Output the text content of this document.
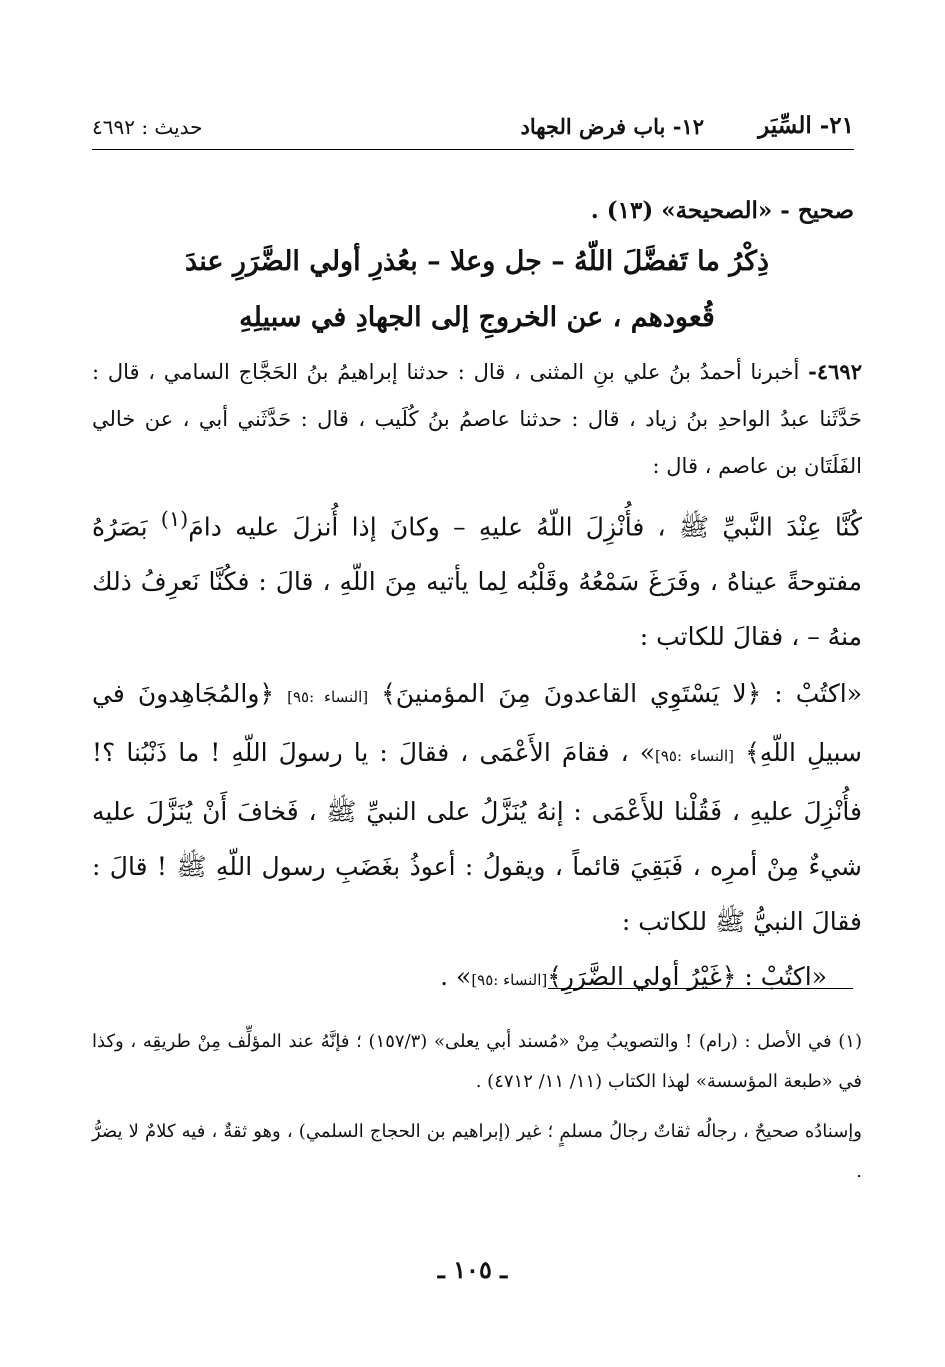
٢١- السِّيَر
١٢- باب فرض الجهاد
حديث : ٤٦٩٢

صحيح - «الصحيحة» (١٣) .

ذِكْرُ ما تَفضَّلَ اللّهُ – جل وعلا – بعُذرِ أولي الضَّرَرِ عندَ
قُعودهم ، عن الخروجِ إلى الجهادِ في سبيلِهِ

٤٦٩٢- أخبرنا أحمدُ بنُ علي بنِ المثنى ، قال : حدثنا إبراهيمُ بنُ الحَجَّاج السامي ، قال : حَدَّثَنا عبدُ الواحدِ بنُ زياد ، قال : حدثنا عاصمُ بنُ كُلَيب ، قال : حَدَّثَني أبي ، عن خالي الفَلَتَان بن عاصم ، قال :

كُنَّا عِنْدَ النَّبيِّ ﷺ ، فأُنْزِلَ اللّهُ عليهِ – وكانَ إذا أُنزلَ عليه دامَ$^{(١)}$ بَصَرُهُ مفتوحةً عيناهُ ، وفَرَغَ سَمْعُهُ وقَلْبُه لِما يأتيه مِنَ اللّهِ ، قالَ : فكُنَّا نَعرِفُ ذلك منهُ – ، فقالَ للكاتب :

«اكتُبْ : ﴿لا يَسْتَوِي القاعدونَ مِنَ المؤمنينَ﴾ [النساء :٩٥] ﴿والمُجَاهِدونَ في سبيلِ اللّهِ﴾ [النساء :٩٥]» ، فقامَ الأَعْمَى ، فقالَ : يا رسولَ اللّهِ ! ما ذَنْبُنا ؟! فأُنْزِلَ عليهِ ، فَقُلْنا للأَعْمَى : إنهُ يُنَزَّلُ على النبيِّ ﷺ ، فَخافَ أَنْ يُنَزَّلَ عليه شيءٌ مِنْ أمرِه ، فَبَقِيَ قائماً ، ويقولُ : أعوذُ بغَضَبِ رسول اللّهِ ﷺ ! قالَ : فقالَ النبيُّ ﷺ للكاتب :

«اكتُبْ : ﴿غَيْرُ أولي الضَّرَرِ﴾[النساء :٩٥]» .

(١) في الأصل : (رام) ! والتصويبُ مِنْ «مُسند أبي يعلى» (١٥٧/٣) ؛ فإنَّهُ عند المؤلِّف مِنْ طريقِه ، وكذا في «طبعة المؤسسة» لهذا الكتاب (١١/ ١١/ ٤٧١٢) .

وإسنادُه صحيحٌ ، رجالُه ثقاتٌ رجالُ مسلمٍ ؛ غير (إبراهيم بن الحجاج السلمي) ، وهو ثقةٌ ، فيه كلامٌ لا يضرُّ .

ـ ١٠٥ ـ
